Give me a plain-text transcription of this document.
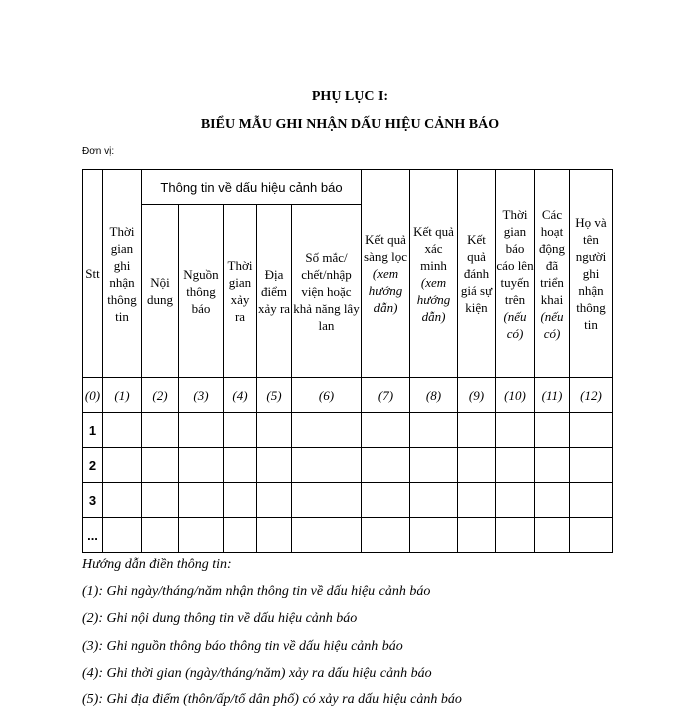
PHỤ LỤC I:
BIỂU MẪU GHI NHẬN DẤU HIỆU CẢNH BÁO
Đơn vị:
Stt	Thời gian ghi nhận thông tin	Thông tin về dấu hiệu cảnh báo					Kết quả sàng lọc (xem hướng dẫn)	Kết quả xác minh (xem hướng dẫn)	Kết quả đánh giá sự kiện	Thời gian báo cáo lên tuyến trên (nếu có)	Các hoạt động đã triển khai (nếu có)	Họ và tên người ghi nhận thông tin
		Nội dung	Nguồn thông báo	Thời gian xảy ra	Địa điểm xảy ra	Số mắc/ chết/nhập viện hoặc khả năng lây lan						
(0)	(1)	(2)	(3)	(4)	(5)	(6)	(7)	(8)	(9)	(10)	(11)	(12)
1												
2												
3												
...												
Hướng dẫn điền thông tin:
(1): Ghi ngày/tháng/năm nhận thông tin về dấu hiệu cảnh báo
(2): Ghi nội dung thông tin về dấu hiệu cảnh báo
(3): Ghi nguồn thông báo thông tin về dấu hiệu cảnh báo
(4): Ghi thời gian (ngày/tháng/năm) xảy ra dấu hiệu cảnh báo
(5): Ghi địa điểm (thôn/ấp/tổ dân phố) có xảy ra dấu hiệu cảnh báo
